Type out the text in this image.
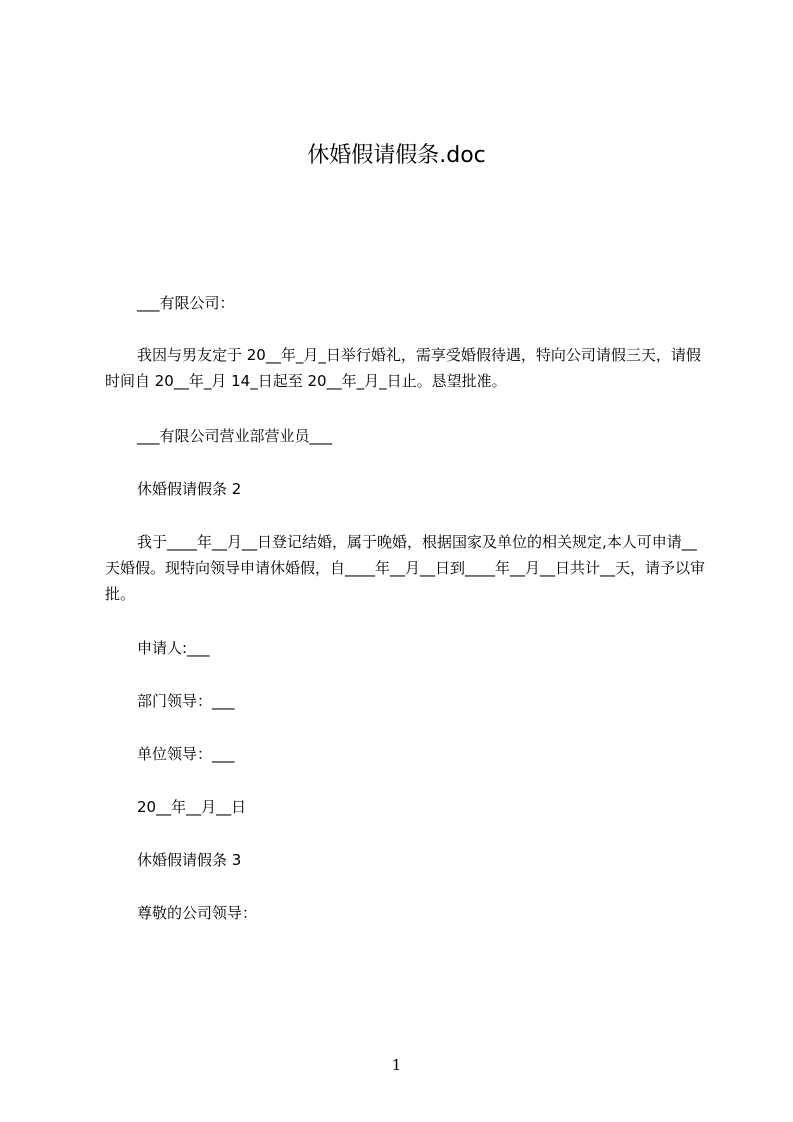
休婚假请假条.doc
___有限公司：
我因与男友定于 20__年_月_日举行婚礼，需享受婚假待遇，特向公司请假三天，请假时间自 20__年_月 14_日起至 20__年_月_日止。恳望批准。
___有限公司营业部营业员___
休婚假请假条 2
我于____年__月__日登记结婚，属于晚婚，根据国家及单位的相关规定,本人可申请__天婚假。现特向领导申请休婚假，自____年__月__日到____年__月__日共计__天，请予以审批。
申请人:___
部门领导：___
单位领导：___
20__年__月__日
休婚假请假条 3
尊敬的公司领导：
1
